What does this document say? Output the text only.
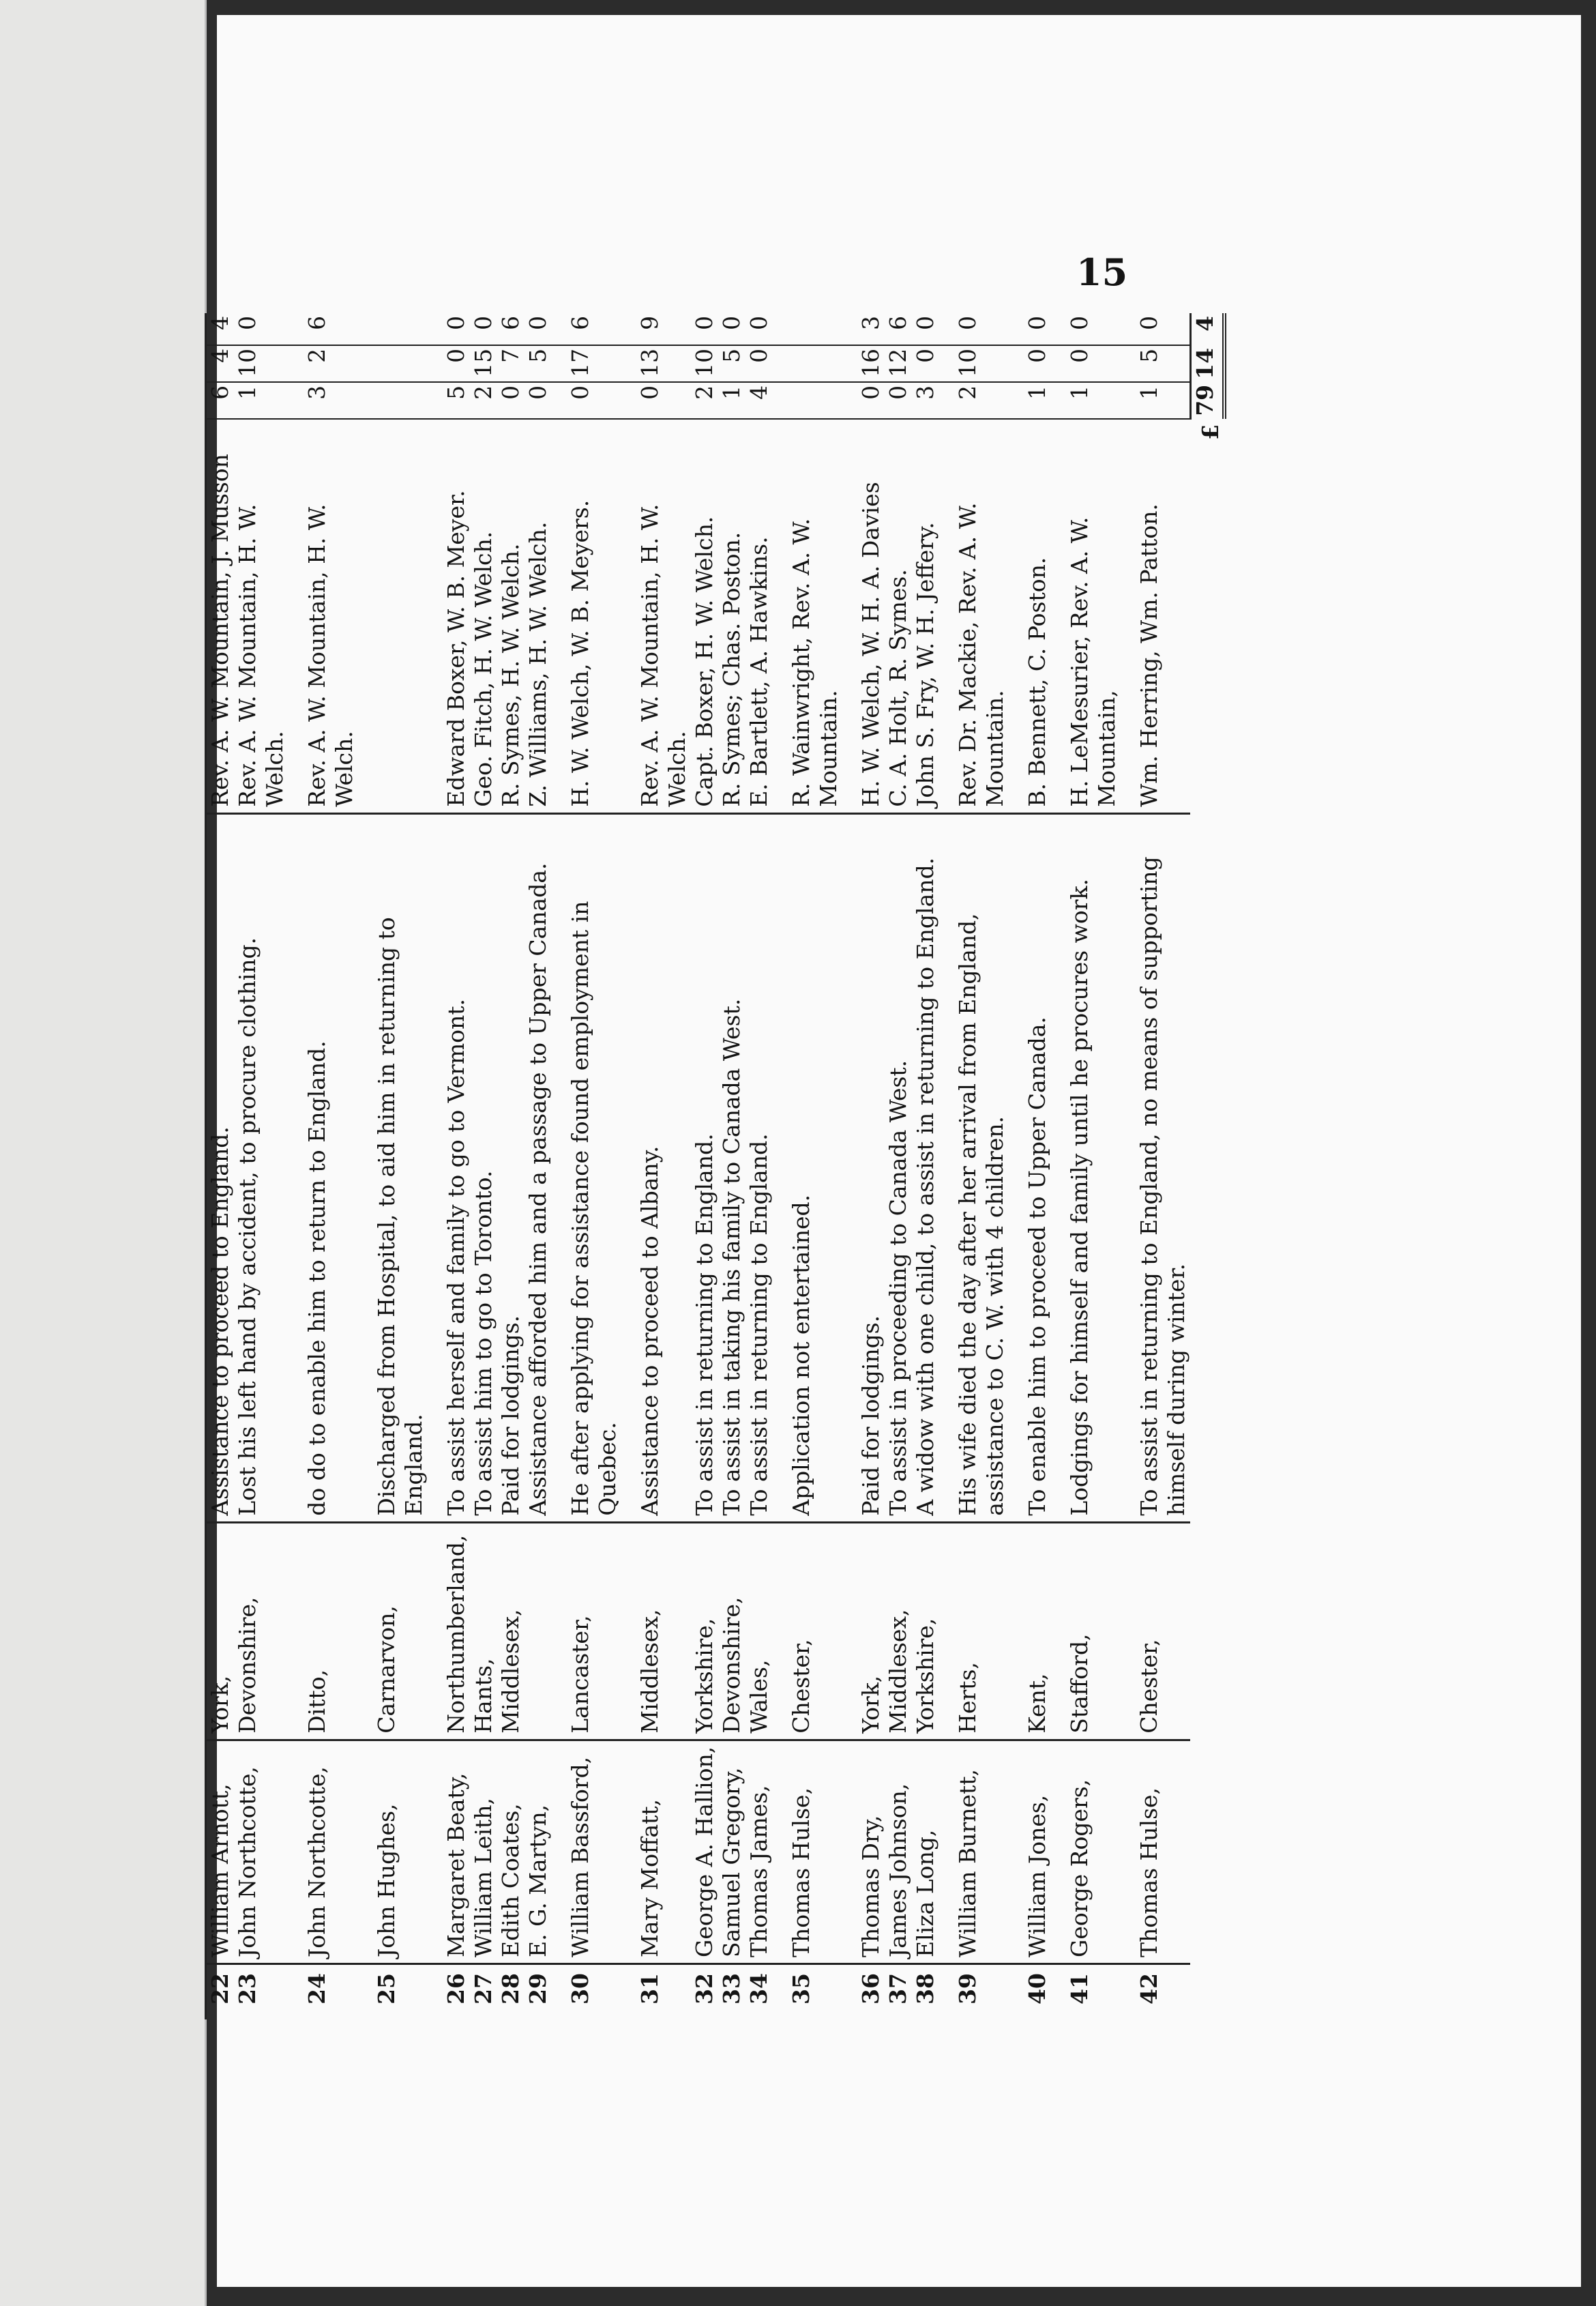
15
22	William Arnott,	York,	Assistance to proceed to England.	Rev. A. W. Mountain, J. Musson	6	4	4
23	John Northcotte,	Devonshire,	Lost his left hand by accident, to procure clothing.	Rev. A. W. Mountain, H. W. Welch.	1	10	0
24	John Northcotte,	Ditto,	do do to enable him to return to England.	Rev. A. W. Mountain, H. W. Welch.	3	2	6
25	John Hughes,	Carnarvon,	Discharged from Hospital, to aid him in returning to England.				
26	Margaret Beaty,	Northumberland,	To assist herself and family to go to Vermont.	Edward Boxer, W. B. Meyer.	5	0	0
27	William Leith,	Hants,	To assist him to go to Toronto.	Geo. Fitch, H. W. Welch.	2	15	0
28	Edith Coates,	Middlesex,	Paid for lodgings.	R. Symes, H. W. Welch.	0	7	6
29	E. G. Martyn,		Assistance afforded him and a passage to Upper Canada.	Z. Williams, H. W. Welch.	0	5	0
30	William Bassford,	Lancaster,	He after applying for assistance found employment in Quebec.	H. W. Welch, W. B. Meyers.	0	17	6
31	Mary Moffatt,	Middlesex,	Assistance to proceed to Albany.	Rev. A. W. Mountain, H. W. Welch.	0	13	9
32	George A. Hallion,	Yorkshire,	To assist in returning to England.	Capt. Boxer, H. W. Welch.	2	10	0
33	Samuel Gregory,	Devonshire,	To assist in taking his family to Canada West.	R. Symes; Chas. Poston.	1	5	0
34	Thomas James,	Wales,	To assist in returning to England.	E. Bartlett, A. Hawkins.	4	0	0
35	Thomas Hulse,	Chester,	Application not entertained.	R. Wainwright, Rev. A. W. Mountain.			
36	Thomas Dry,	York,	Paid for lodgings.	H. W. Welch, W. H. A. Davies	0	16	3
37	James Johnson,	Middlesex,	To assist in proceeding to Canada West.	C. A. Holt, R. Symes.	0	12	6
38	Eliza Long,	Yorkshire,	A widow with one child, to assist in returning to England.	John S. Fry, W. H. Jeffery.	3	0	0
39	William Burnett,	Herts,	His wife died the day after her arrival from England, assistance to C. W. with 4 children.	Rev. Dr. Mackie, Rev. A. W. Mountain.	2	10	0
40	William Jones,	Kent,	To enable him to proceed to Upper Canada.	B. Bennett, C. Poston.	1	0	0
41	George Rogers,	Stafford,	Lodgings for himself and family until he procures work.	H. LeMesurier, Rev. A. W. Mountain,	1	0	0
42	Thomas Hulse,	Chester,	To assist in returning to England, no means of supporting himself during winter.	Wm. Herring, Wm. Patton.	1	5	0
£					79	14	4
